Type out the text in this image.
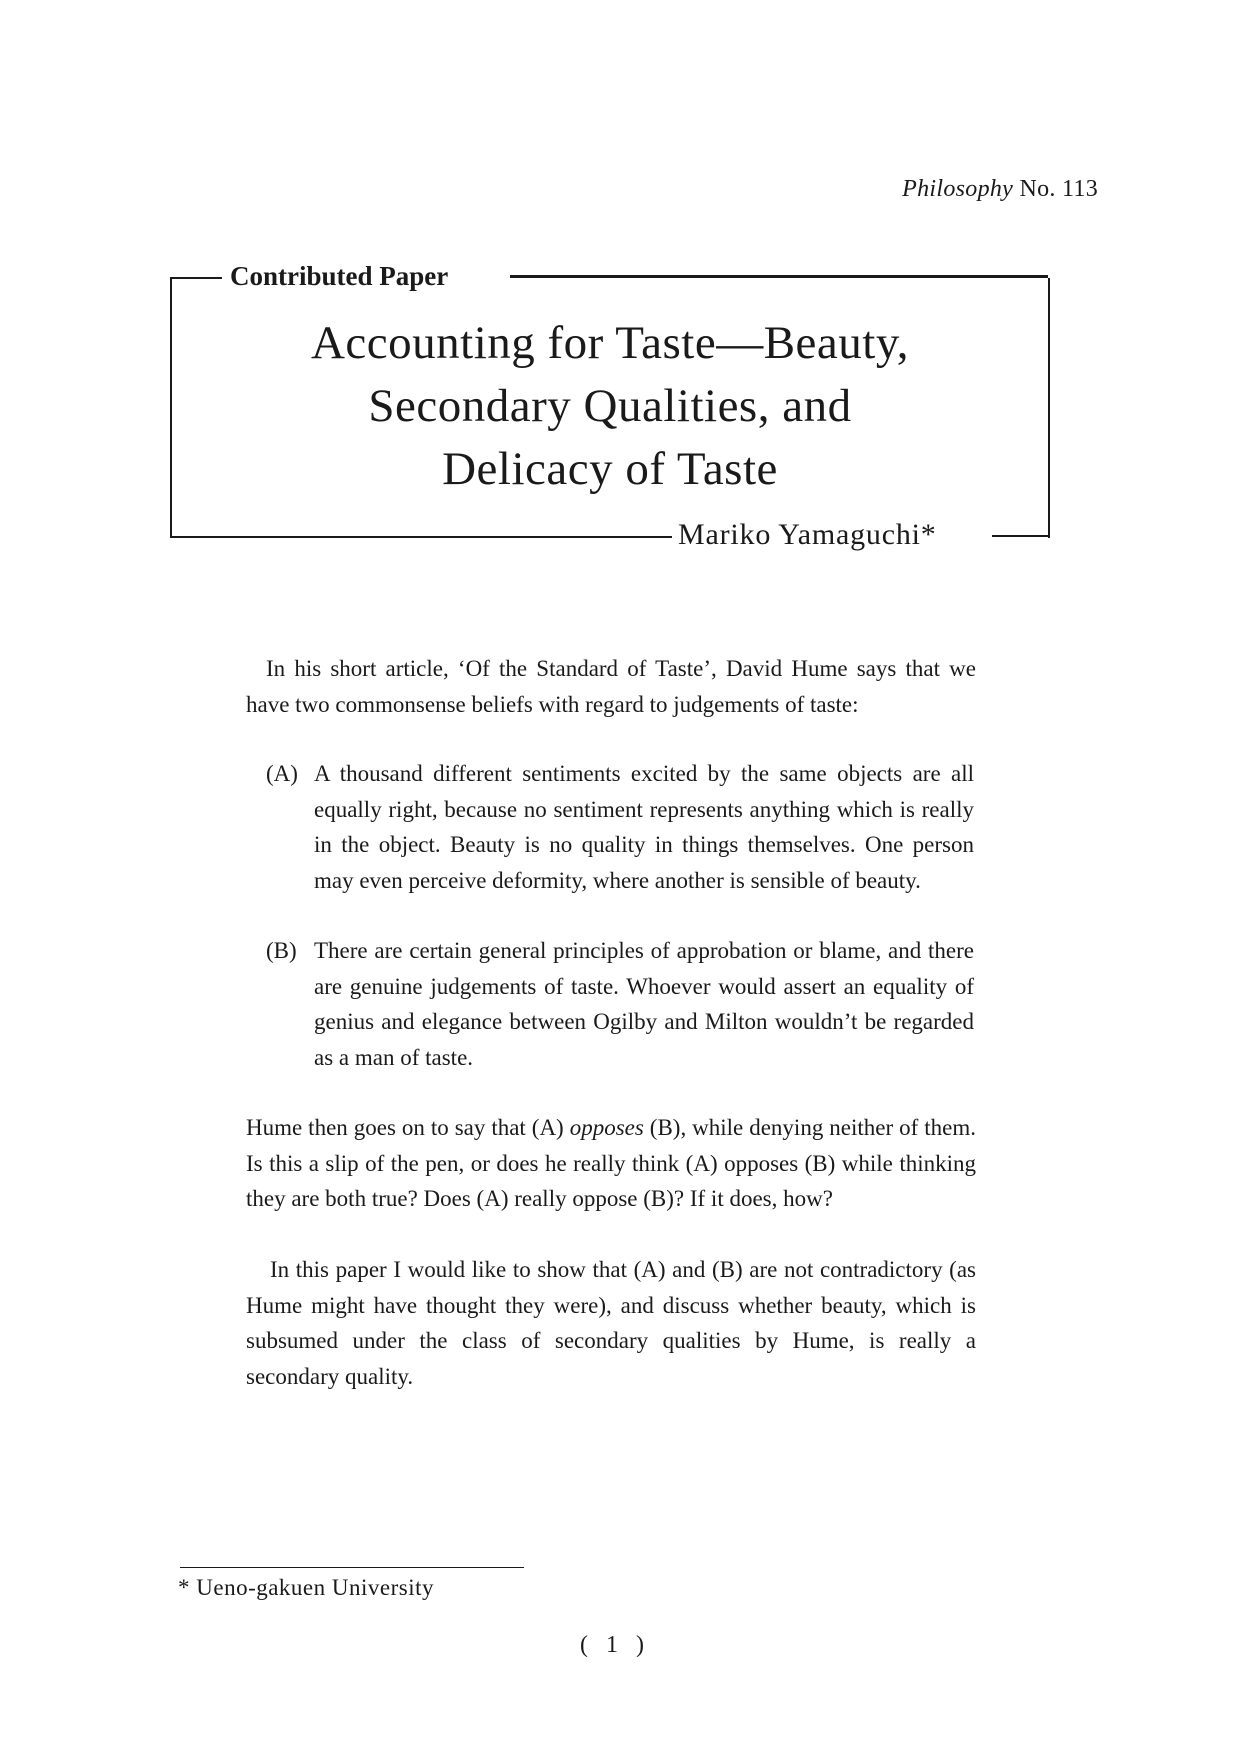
Philosophy No. 113
Contributed Paper
Accounting for Taste—Beauty,
Secondary Qualities, and
Delicacy of Taste
Mariko Yamaguchi*

In his short article, ‘Of the Standard of Taste’, David Hume says that we have two commonsense beliefs with regard to judgements of taste:

(A) A thousand different sentiments excited by the same objects are all equally right, because no sentiment represents anything which is really in the object. Beauty is no quality in things themselves. One person may even perceive deformity, where another is sensible of beauty.
(B) There are certain general principles of approbation or blame, and there are genuine judgements of taste. Whoever would assert an equality of genius and elegance between Ogilby and Milton wouldn’t be regarded as a man of taste.

Hume then goes on to say that (A) opposes (B), while denying neither of them. Is this a slip of the pen, or does he really think (A) opposes (B) while thinking they are both true? Does (A) really oppose (B)? If it does, how?

In this paper I would like to show that (A) and (B) are not contradictory (as Hume might have thought they were), and discuss whether beauty, which is subsumed under the class of secondary qualities by Hume, is really a secondary quality.

* Ueno-gakuen University
( 1 )
